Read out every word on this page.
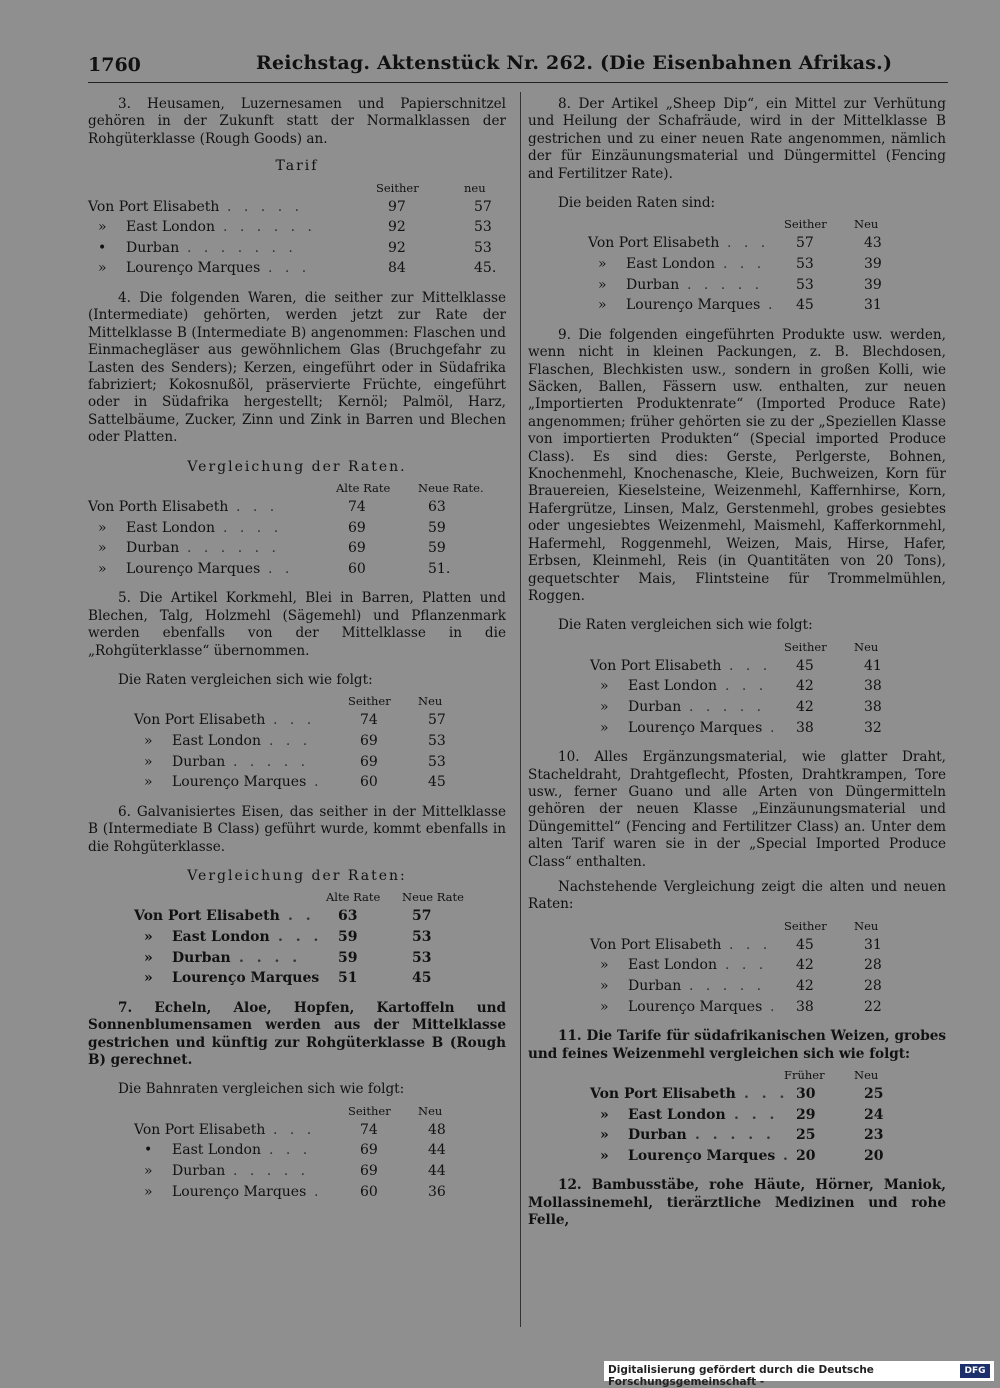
1760	Reichstag. Aktenstück Nr. 262. (Die Eisenbahnen Afrikas.)

3. Heusamen, Luzernesamen und Papierschnitzel gehören in der Zukunft statt der Normalklassen der Rohgüterklasse (Rough Goods) an.

Tarif
Seither	neu
Von Port Elisabeth	97	57
. . . . .
» East London	92	53
. . . . . .
• Durban	92	53
. . . . . . .
» Lourenço Marques	84	45.
. . .

4. Die folgenden Waren, die seither zur Mittelklasse (Intermediate) gehörten, werden jetzt zur Rate der Mittelklasse B (Intermediate B) angenommen: Flaschen und Einmachegläser aus gewöhnlichem Glas (Bruchgefahr zu Lasten des Senders); Kerzen, eingeführt oder in Südafrika fabriziert; Kokosnußöl, präservierte Früchte, eingeführt oder in Südafrika hergestellt; Kernöl; Palmöl, Harz, Sattelbäume, Zucker, Zinn und Zink in Barren und Blechen oder Platten.

Vergleichung der Raten.
Alte Rate Neue Rate.
Von Porth Elisabeth	74	63
. . .
» East London	69	59
. . . .
» Durban	69	59
. . . . . .
» Lourenço Marques	60	51.
. .

5. Die Artikel Korkmehl, Blei in Barren, Platten und Blechen, Talg, Holzmehl (Sägemehl) und Pflanzenmark werden ebenfalls von der Mittelklasse in die „Rohgüterklasse“ übernommen.

Die Raten vergleichen sich wie folgt:

Seither Neu
Von Port Elisabeth	74	57
. . .
» East London	69	53
. . .
» Durban	69	53
. . . . .
» Lourenço Marques	60	45
.

6. Galvanisiertes Eisen, das seither in der Mittelklasse B (Intermediate B Class) geführt wurde, kommt ebenfalls in die Rohgüterklasse.

Vergleichung der Raten:
Alte Rate Neue Rate
Von Port Elisabeth	63	57
. .
» East London	59	53
. . .
» Durban	59	53
. . . .
» Lourenço Marques 51	45

7. Echeln, Aloe, Hopfen, Kartoffeln und Sonnenblumensamen werden aus der Mittelklasse gestrichen und künftig zur Rohgüterklasse B (Rough B) gerechnet.

Die Bahnraten vergleichen sich wie folgt:

Seither Neu
Von Port Elisabeth	74	48
. . .
• East London	69	44
. . .
» Durban	69	44
. . . . .
» Lourenço Marques	60	36
.

8. Der Artikel „Sheep Dip“, ein Mittel zur Verhütung und Heilung der Schafräude, wird in der Mittelklasse B gestrichen und zu einer neuen Rate angenommen, nämlich der für Einzäunungsmaterial und Düngermittel (Fencing and Fertilitzer Rate).

Die beiden Raten sind:

Seither Neu
Von Port Elisabeth	57	43
. . .
» East London	53	39
. . .
» Durban	53	39
. . . . .
» Lourenço Marques	45	31
.

9. Die folgenden eingeführten Produkte usw. werden, wenn nicht in kleinen Packungen, z. B. Blechdosen, Flaschen, Blechkisten usw., sondern in großen Kolli, wie Säcken, Ballen, Fässern usw. enthalten, zur neuen „Importierten Produktenrate“ (Imported Produce Rate) angenommen; früher gehörten sie zu der „Speziellen Klasse von importierten Produkten“ (Special imported Produce Class). Es sind dies: Gerste, Perlgerste, Bohnen, Knochenmehl, Knochenasche, Kleie, Buchweizen, Korn für Brauereien, Kieselsteine, Weizenmehl, Kaffernhirse, Korn, Hafergrütze, Linsen, Malz, Gerstenmehl, grobes gesiebtes oder ungesiebtes Weizenmehl, Maismehl, Kafferkornmehl, Hafermehl, Roggenmehl, Weizen, Mais, Hirse, Hafer, Erbsen, Kleinmehl, Reis (in Quantitäten von 20 Tons), gequetschter Mais, Flintsteine für Trommelmühlen, Roggen.

Die Raten vergleichen sich wie folgt:

Seither Neu
Von Port Elisabeth	45	41
. . .
» East London	42	38
. . .
» Durban	42	38
. . . . .
» Lourenço Marques 38	32
.

10. Alles Ergänzungsmaterial, wie glatter Draht, Stacheldraht, Drahtgeflecht, Pfosten, Drahtkrampen, Tore usw., ferner Guano und alle Arten von Düngermitteln gehören der neuen Klasse „Einzäunungsmaterial und Düngemittel“ (Fencing and Fertilitzer Class) an. Unter dem alten Tarif waren sie in der „Special Imported Produce Class“ enthalten.

Nachstehende Vergleichung zeigt die alten und neuen Raten:

Seither Neu
Von Port Elisabeth	45	31
. . .
» East London	42	28
. . .
» Durban	42	28
. . . . .
» Lourenço Marques 38	22
.

11. Die Tarife für südafrikanischen Weizen, grobes und feines Weizenmehl vergleichen sich wie folgt:

Früher	Neu
Von Port Elisabeth	30	25
. . .
» East London	29	24
. . .
» Durban	25	23
. . . . .
» Lourenço Marques 20	20
.

12. Bambusstäbe, rohe Häute, Hörner, Maniok, Mollassinemehl, tierärztliche Medizinen und rohe Felle,

Digitalisierung gefördert durch die Deutsche Forschungsgemeinschaft -
DFG
